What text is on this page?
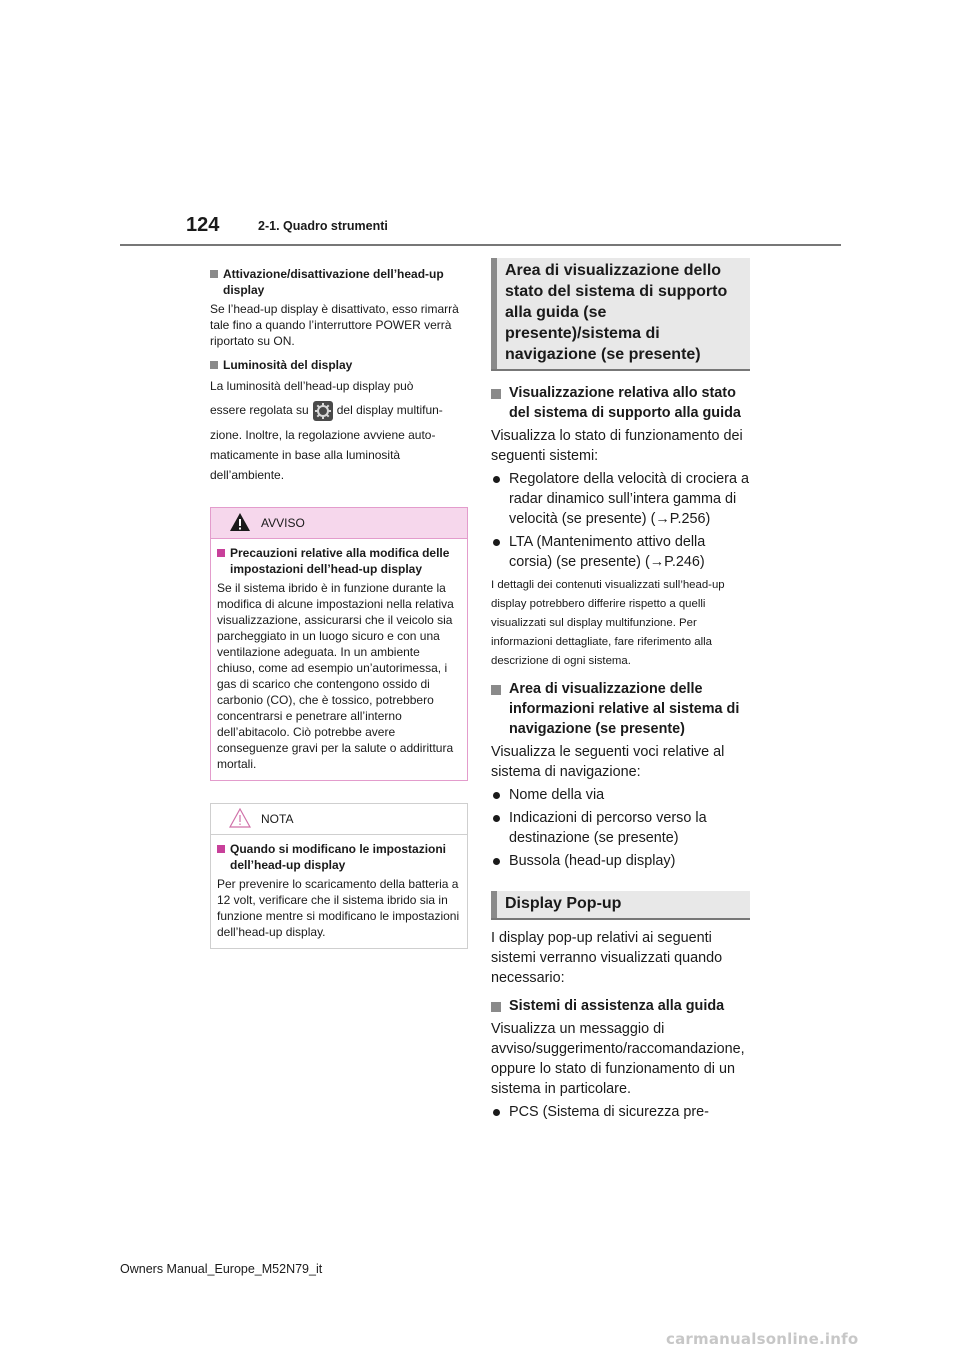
124	2-1. Quadro strumenti
Attivazione/disattivazione dell’head-up display

Se l’head-up display è disattivato, esso rimarrà tale fino a quando l’interruttore POWER verrà riportato su ON.

Luminosità del display
La luminosità dell’head-up display può
essere regolata su del display multifun-
zione. Inoltre, la regolazione avviene auto-
maticamente in base alla luminosità
dell’ambiente.
AVVISO
Precauzioni relative alla modifica delle impostazioni dell’head-up display

Se il sistema ibrido è in funzione durante la modifica di alcune impostazioni nella relativa visualizzazione, assicurarsi che il veicolo sia parcheggiato in un luogo sicuro e con una ventilazione adeguata. In un ambiente chiuso, come ad esempio un’autorimessa, i gas di scarico che contengono ossido di carbonio (CO), che è tossico, potrebbero concentrarsi e penetrare all’interno dell’abitacolo. Ciò potrebbe avere conseguenze gravi per la salute o addirittura mortali.

NOTA
Quando si modificano le impostazioni dell’head-up display

Per prevenire lo scaricamento della batteria a 12 volt, verificare che il sistema ibrido sia in funzione mentre si modificano le impostazioni dell’head-up display.

Area di visualizzazione dello stato del sistema di supporto alla guida (se presente)/sistema di navigazione (se presente)
Visualizzazione relativa allo stato del sistema di supporto alla guida

Visualizza lo stato di funzionamento dei seguenti sistemi:

Regolatore della velocità di crociera a radar dinamico sull’intera gamma di velocità (se presente) (→P.256)
LTA (Mantenimento attivo della corsia) (se presente) (→P.246)

I dettagli dei contenuti visualizzati sull’head-up display potrebbero differire rispetto a quelli visualizzati sul display multifunzione. Per informazioni dettagliate, fare riferimento alla descrizione di ogni sistema.

Area di visualizzazione delle informazioni relative al sistema di navigazione (se presente)

Visualizza le seguenti voci relative al sistema di navigazione:

Nome della via
Indicazioni di percorso verso la destinazione (se presente)
Bussola (head-up display)
Display Pop-up

I display pop-up relativi ai seguenti sistemi verranno visualizzati quando necessario:

Sistemi di assistenza alla guida

Visualizza un messaggio di avviso/suggerimento/raccomandazione, oppure lo stato di funzionamento di un sistema in particolare.

PCS (Sistema di sicurezza pre-
Owners Manual_Europe_M52N79_it
carmanualsonline.info
